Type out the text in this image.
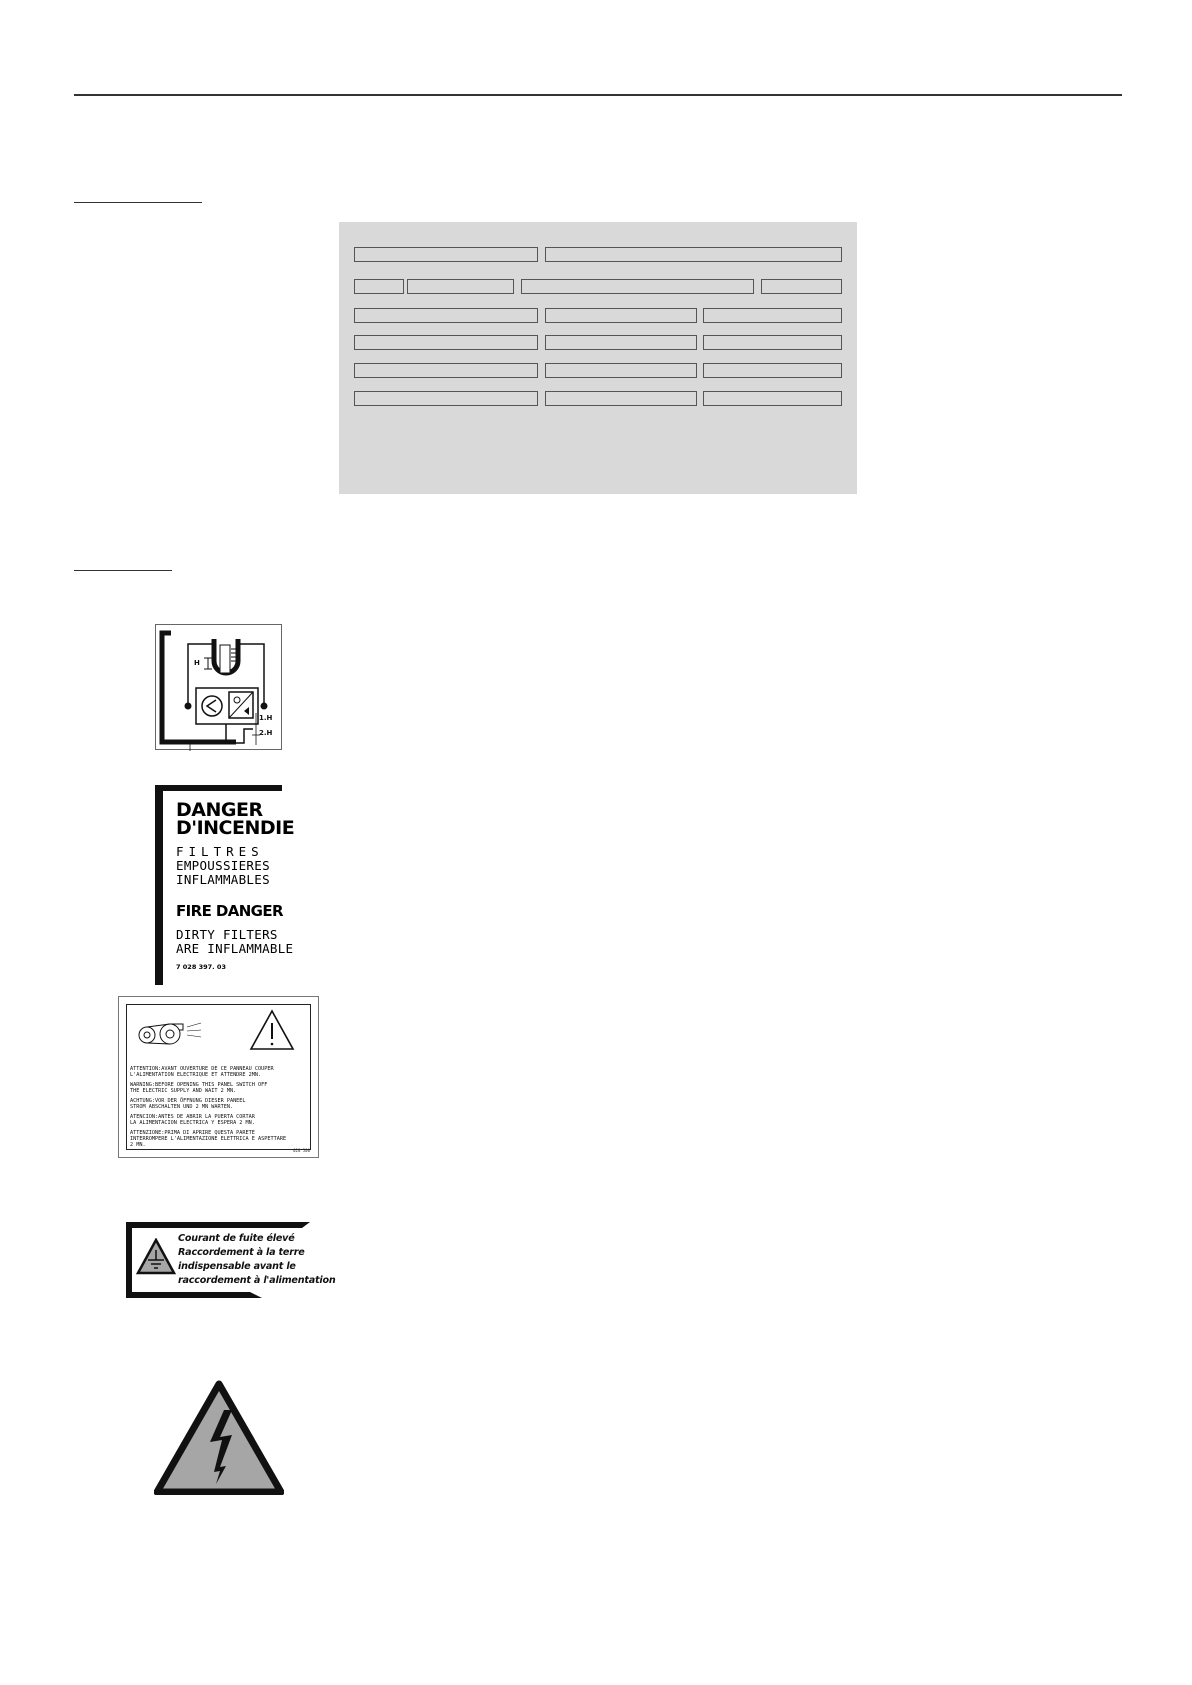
H
1.H
2.H
DANGER
D'INCENDIE
FILTRES
EMPOUSSIERES
INFLAMMABLES
FIRE DANGER
DIRTY FILTERS
ARE INFLAMMABLE
7 028 397. 03
ATTENTION:AVANT OUVERTURE DE CE PANNEAU COUPER
L'ALIMENTATION ELECTRIQUE ET ATTENDRE 2MN.
WARNING:BEFORE OPENING THIS PANEL SWITCH OFF
THE ELECTRIC SUPPLY AND WAIT 2 MN.
ACHTUNG:VOR DER ÖFFNUNG DIESER PANEEL
STROM ABSCHALTEN UND 2 MN WARTEN.
ATENCION:ANTES DE ABRIR LA PUERTA CORTAR
LA ALIMENTACION ELECTRICA Y ESPERA 2 MN.
ATTENZIONE:PRIMA DI APRIRE QUESTA PARETE
INTERROMPERE L'ALIMENTAZIONE ELETTRICA E ASPETTARE
2 MN.
028 500
Courant de fuite élevé
Raccordement à la terre
indispensable avant le
raccordement à l'alimentation
